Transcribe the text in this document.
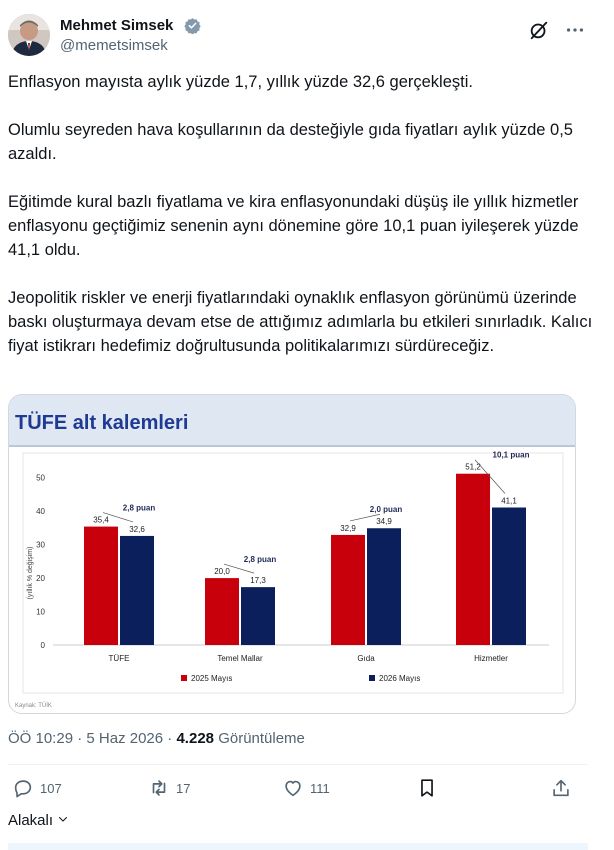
Mehmet Simsek
@memetsimsek

Enflasyon mayısta aylık yüzde 1,7, yıllık yüzde 32,6 gerçekleşti.

Olumlu seyreden hava koşullarının da desteğiyle gıda fiyatları aylık yüzde 0,5 azaldı.

Eğitimde kural bazlı fiyatlama ve kira enflasyonundaki düşüş ile yıllık hizmetler enflasyonu geçtiğimiz senenin aynı dönemine göre 10,1 puan iyileşerek yüzde 41,1 oldu.

Jeopolitik riskler ve enerji fiyatlarındaki oynaklık enflasyon görünümü üzerinde baskı oluşturmaya devam etse de attığımız adımlarla bu etkileri sınırladık. Kalıcı fiyat istikrarı hedefimiz doğrultusunda politikalarımızı sürdüreceğiz.

TÜFE alt kalemleri
(yıllık % değişim)
Kaynak: TÜİK
0
10
20
30
40
50
35,4
32,6
2,8 puan
TÜFE
20,0
17,3
2,8 puan
Temel Mallar
32,9
34,9
2,0 puan
Gıda
51,2
41,1
10,1 puan
Hizmetler
2025 Mayıs	2026 Mayıs
ÖÖ 10:29 · 5 Haz 2026 · 4.228 Görüntüleme
107	17	111
Alakalı
